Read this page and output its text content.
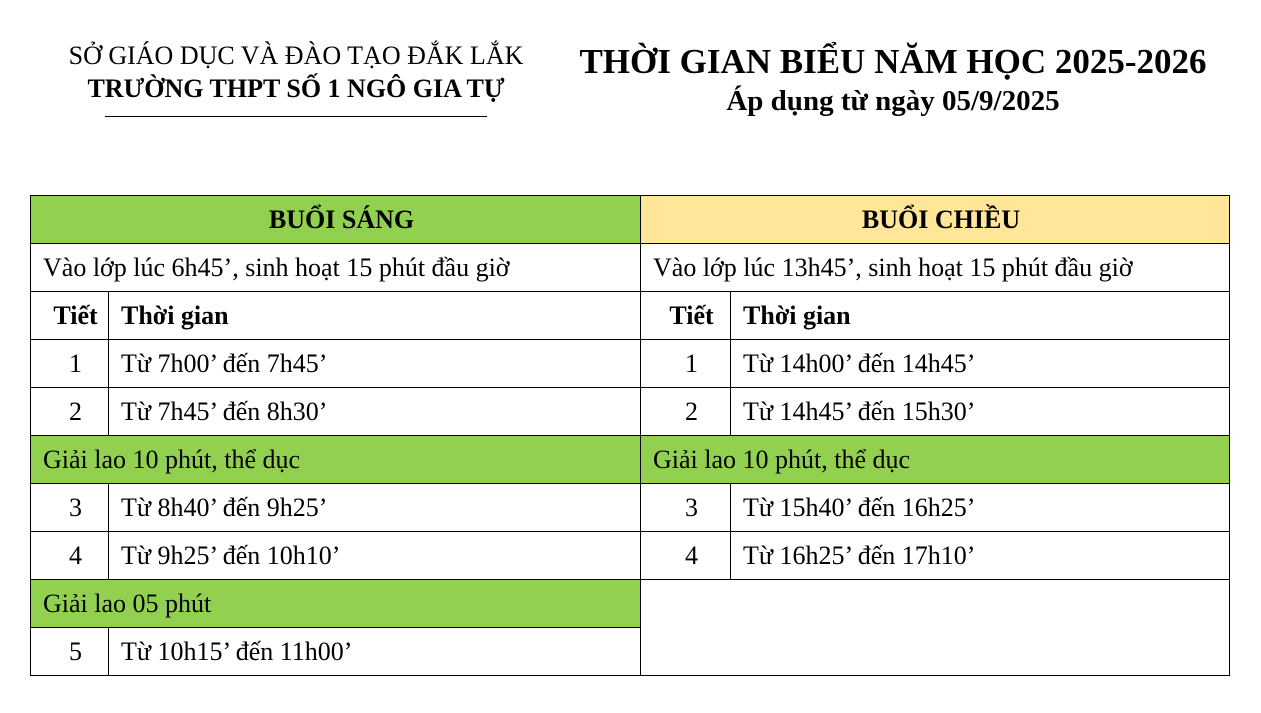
SỞ GIÁO DỤC VÀ ĐÀO TẠO ĐẮK LẮK
TRƯỜNG THPT SỐ 1 NGÔ GIA TỰ
THỜI GIAN BIỂU NĂM HỌC 2025-2026
Áp dụng từ ngày 05/9/2025
BUỔI SÁNG		BUỔI CHIỀU	
Vào lớp lúc 6h45’, sinh hoạt 15 phút đầu giờ		Vào lớp lúc 13h45’, sinh hoạt 15 phút đầu giờ	
Tiết	Thời gian	Tiết	Thời gian
1	Từ 7h00’ đến 7h45’	1	Từ 14h00’ đến 14h45’
2	Từ 7h45’ đến 8h30’	2	Từ 14h45’ đến 15h30’
Giải lao 10 phút, thể dục		Giải lao 10 phút, thể dục	
3	Từ 8h40’ đến 9h25’	3	Từ 15h40’ đến 16h25’
4	Từ 9h25’ đến 10h10’	4	Từ 16h25’ đến 17h10’
Giải lao 05 phút			
5	Từ 10h15’ đến 11h00’		
